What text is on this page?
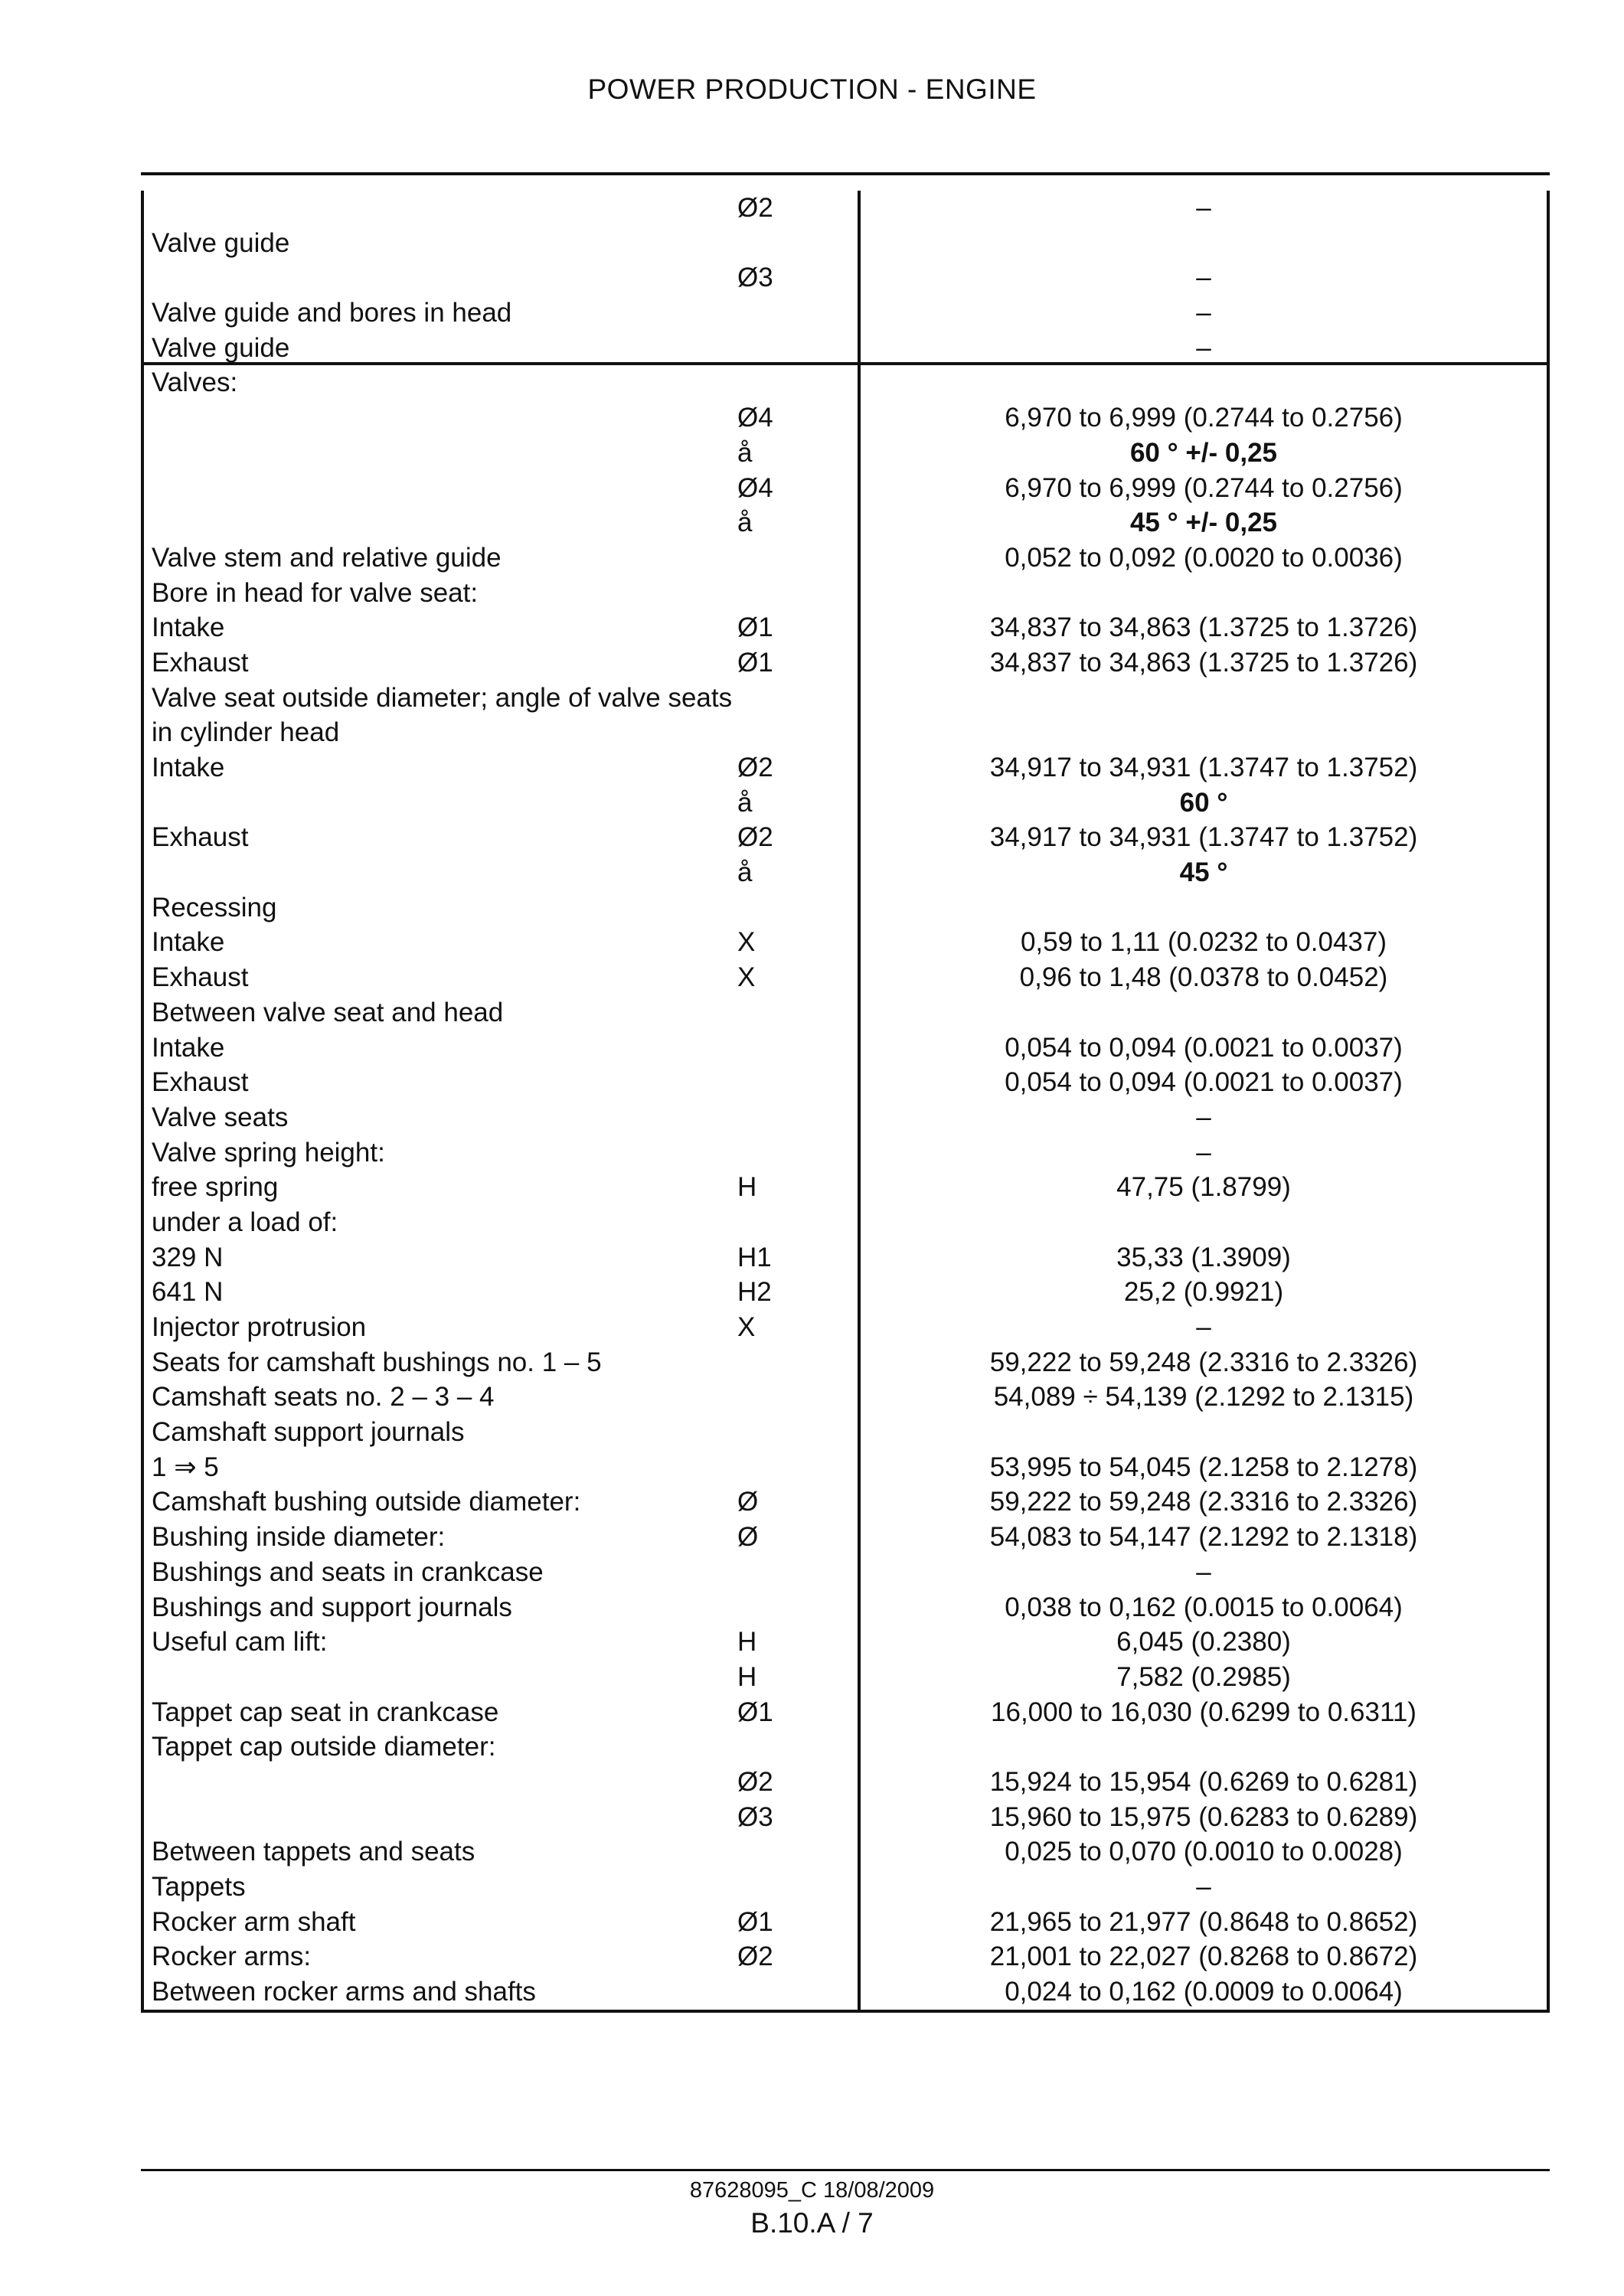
POWER PRODUCTION - ENGINE
Ø2	–
Valve guide
Ø3	–
Valve guide and bores in head	–
Valve guide	–
Valves:
Ø4	6,970 to 6,999 (0.2744 to 0.2756)
å	60 ° +/- 0,25
Ø4	6,970 to 6,999 (0.2744 to 0.2756)
å	45 ° +/- 0,25
Valve stem and relative guide	0,052 to 0,092 (0.0020 to 0.0036)
Bore in head for valve seat:
Intake	Ø1	34,837 to 34,863 (1.3725 to 1.3726)
Exhaust	Ø1	34,837 to 34,863 (1.3725 to 1.3726)
Valve seat outside diameter; angle of valve seats in cylinder head
Intake	Ø2	34,917 to 34,931 (1.3747 to 1.3752)
å	60 °
Exhaust	Ø2	34,917 to 34,931 (1.3747 to 1.3752)
å	45 °
Recessing
Intake	X	0,59 to 1,11 (0.0232 to 0.0437)
Exhaust	X	0,96 to 1,48 (0.0378 to 0.0452)
Between valve seat and head
Intake	0,054 to 0,094 (0.0021 to 0.0037)
Exhaust	0,054 to 0,094 (0.0021 to 0.0037)
Valve seats	–
Valve spring height:	–
free spring	H	47,75 (1.8799)
under a load of:
329 N	H1	35,33 (1.3909)
641 N	H2	25,2 (0.9921)
Injector protrusion	X	–
Seats for camshaft bushings no. 1 – 5	59,222 to 59,248 (2.3316 to 2.3326)
Camshaft seats no. 2 – 3 – 4	54,089 ÷ 54,139 (2.1292 to 2.1315)
Camshaft support journals
1 ⇒ 5	53,995 to 54,045 (2.1258 to 2.1278)
Camshaft bushing outside diameter:	Ø	59,222 to 59,248 (2.3316 to 2.3326)
Bushing inside diameter:	Ø	54,083 to 54,147 (2.1292 to 2.1318)
Bushings and seats in crankcase	–
Bushings and support journals	0,038 to 0,162 (0.0015 to 0.0064)
Useful cam lift:	H	6,045 (0.2380)
H	7,582 (0.2985)
Tappet cap seat in crankcase	Ø1	16,000 to 16,030 (0.6299 to 0.6311)
Tappet cap outside diameter:
Ø2	15,924 to 15,954 (0.6269 to 0.6281)
Ø3	15,960 to 15,975 (0.6283 to 0.6289)
Between tappets and seats	0,025 to 0,070 (0.0010 to 0.0028)
Tappets	–
Rocker arm shaft	Ø1	21,965 to 21,977 (0.8648 to 0.8652)
Rocker arms:	Ø2	21,001 to 22,027 (0.8268 to 0.8672)
Between rocker arms and shafts	0,024 to 0,162 (0.0009 to 0.0064)
87628095_C 18/08/2009
B.10.A / 7
